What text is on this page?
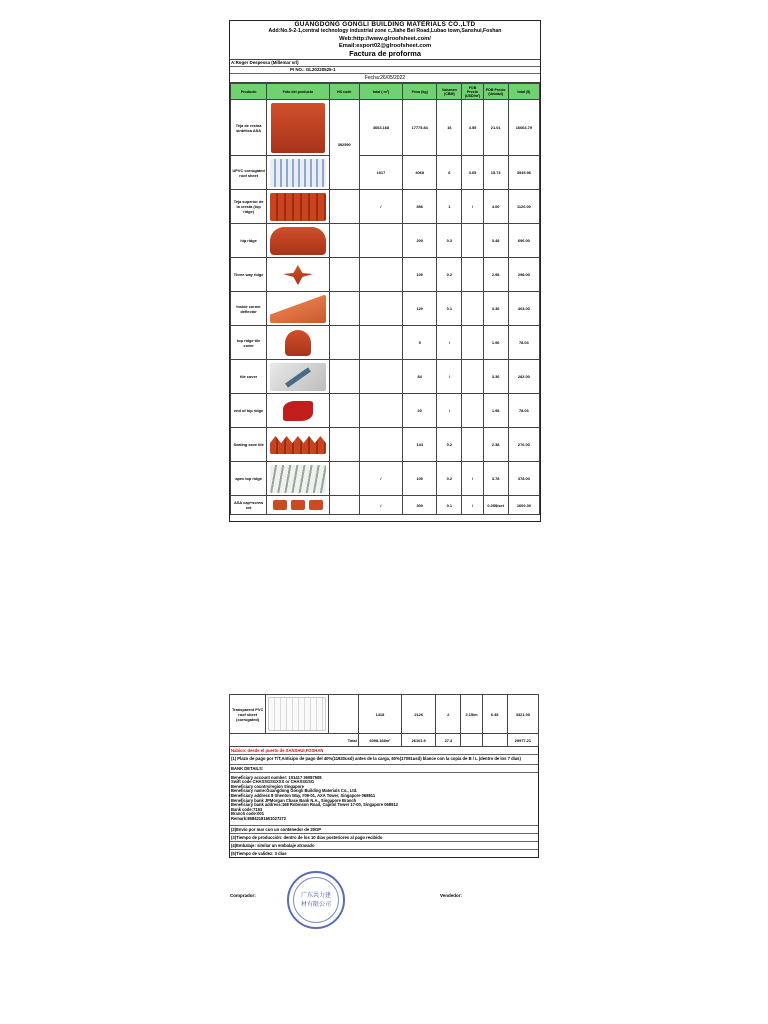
GUANGDONG GONGLI BUILDING MATERIALS CO.,LTD
Add:No.9-2-1,central technology industrial zone c,Jiahe Bei Road,Lubao town,Sanshui,Foshan
Web:http://www.glroofsheet.com/
Email:export02@glroofsheet.com
Factura de proforma
A:Roger Despessa (Millemar srl)
PI NO.: GL20220525-1
Fecha:26/05/2022
Producto	Foto del producto	HS code	total ( m²)	Peso (kg)	Volumen (CBM)	FOB Precio (USD/m²)	FOB Precio (Unidad)	total ($)
Teja de resina sintética ASA		392590	3663.168	17775.84	16	4.55	21.01	16664.79
UPVC corrugated roof sheet			1017	4068	6	3.65	15.73	3945.96
Teja superior de la cresta (top ridge)			/	896	1	/	4.00	1120.00
hip ridge				200	0.3		3.48	696.00
Three way ridge				100	0.2		2.98	298.00
Inside corner deflector				120	0.1		3.36	403.00
top ridge tile cover				5	/		1.96	78.03
tile cover				84	/		3.36	282.00
end of hip ridge				20	/		1.98	78.03
Sealing eave tile				144	0.2		2.38	276.00
apex top ridge			/	100	0.2	/	3.78	378.00
ASA cap+screw set			/	300	0.1	/	0.05$/set	1600.00
Transparent PVC roof sheet (corrugated)			1418	2126	2	2.15/m	6.45	3321.00
		Total	6098.168m²	26101.9	27.3			29977.21
Nabico: desde el puerto de SANSHUI,FOSHAN
(1) Plazo de pago por T/T,Anticipo de pago del 40%(11920usd) antes de la carga, 60%(17091usd) blance con la copia de B / L (dentro de los 7 días)
BANK DETAILS:
Beneficiary account number: 101417 36087508
Swift code CHASSGSGXXX or CHASSGSG
Beneficiary country/region Singapore
Beneficiary name:Guangdong Gongli Building Materials Co., Ltd.
Beneficiary address 8 Shenton Way, #09-01, AXA Tower, Singapore 068811
Beneficiary bank JPMorgan Chase Bank N.A., Singapore Branch
Beneficiary bank address:168 Robinson Road, Capitol Tower 17-00, Singapore 068912
Bank code:7153
Branch code:001
Remark:86842181601027272
(2)Envío por mar con un contenedor de 20GP
(3)Tiempo de producción: dentro de los 10 días posteriores al pago recibido
(4)Embalaje: similar un embalaje atravado
(5)Tiempo de validez: 3 días
Comprador:	Vendedor:
广东共力建材有限公司
